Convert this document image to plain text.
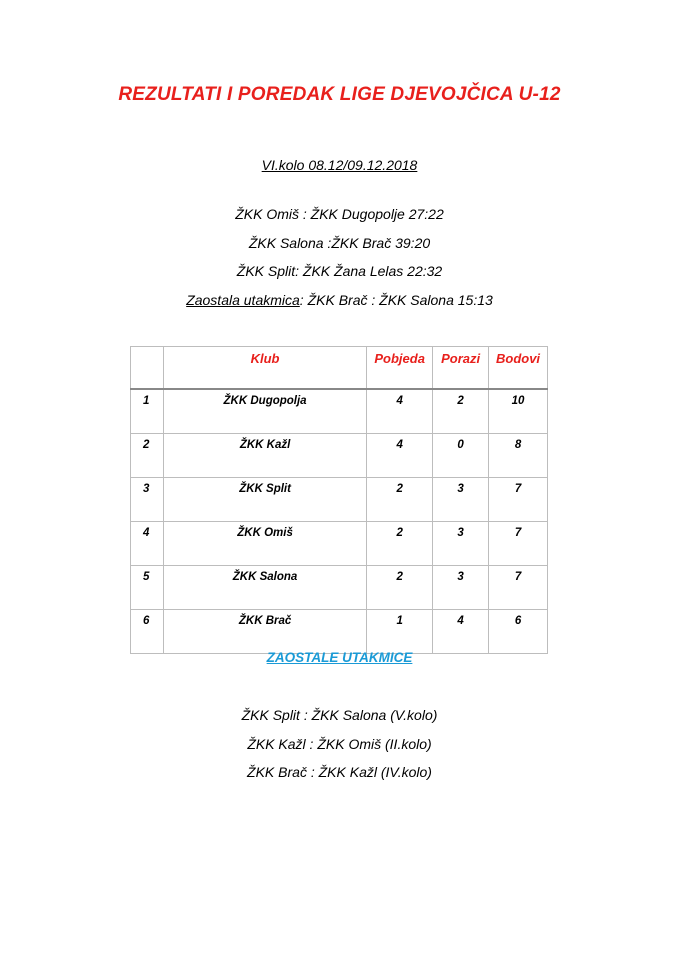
REZULTATI I POREDAK LIGE DJEVOJČICA U-12
VI.kolo 08.12/09.12.2018
ŽKK Omiš : ŽKK Dugopolje 27:22
ŽKK Salona :ŽKK Brač 39:20
ŽKK Split: ŽKK Žana Lelas 22:32
Zaostala utakmica: ŽKK Brač : ŽKK Salona 15:13
	Klub	Pobjeda	Porazi	Bodovi
1	ŽKK Dugopolja	4	2	10
2	ŽKK Kažl	4	0	8
3	ŽKK Split	2	3	7
4	ŽKK Omiš	2	3	7
5	ŽKK Salona	2	3	7
6	ŽKK Brač	1	4	6
ZAOSTALE UTAKMICE
ŽKK Split : ŽKK Salona (V.kolo)
ŽKK Kažl : ŽKK Omiš (II.kolo)
ŽKK Brač : ŽKK Kažl (IV.kolo)
